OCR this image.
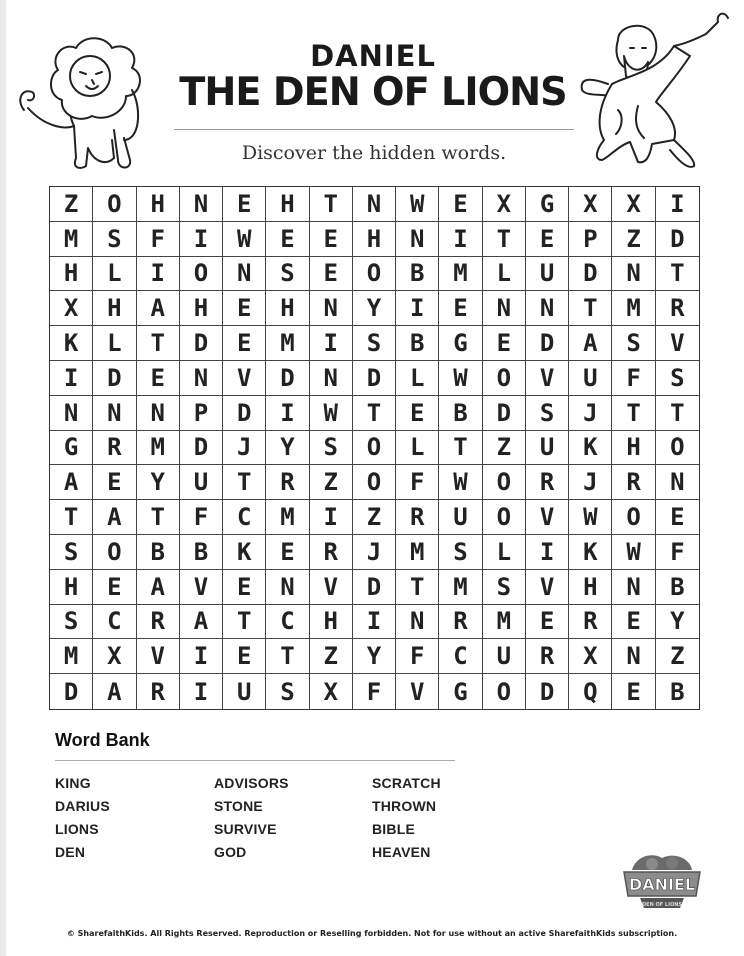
DANIEL
THE DEN OF LIONS
Discover the hidden words.
Z	O	H	N	E	H	T	N	W	E	X	G	X	X	I
M	S	F	I	W	E	E	H	N	I	T	E	P	Z	D
H	L	I	O	N	S	E	O	B	M	L	U	D	N	T
X	H	A	H	E	H	N	Y	I	E	N	N	T	M	R
K	L	T	D	E	M	I	S	B	G	E	D	A	S	V
I	D	E	N	V	D	N	D	L	W	O	V	U	F	S
N	N	N	P	D	I	W	T	E	B	D	S	J	T	T
G	R	M	D	J	Y	S	O	L	T	Z	U	K	H	O
A	E	Y	U	T	R	Z	O	F	W	O	R	J	R	N
T	A	T	F	C	M	I	Z	R	U	O	V	W	O	E
S	O	B	B	K	E	R	J	M	S	L	I	K	W	F
H	E	A	V	E	N	V	D	T	M	S	V	H	N	B
S	C	R	A	T	C	H	I	N	R	M	E	R	E	Y
M	X	V	I	E	T	Z	Y	F	C	U	R	X	N	Z
D	A	R	I	U	S	X	F	V	G	O	D	Q	E	B
Word Bank
KING
DARIUS
LIONS
DEN
ADVISORS
STONE
SURVIVE
GOD
SCRATCH
THROWN
BIBLE
HEAVEN
DANIEL
DEN OF LIONS
© SharefaithKids. All Rights Reserved. Reproduction or Reselling forbidden. Not for use without an active SharefaithKids subscription.
